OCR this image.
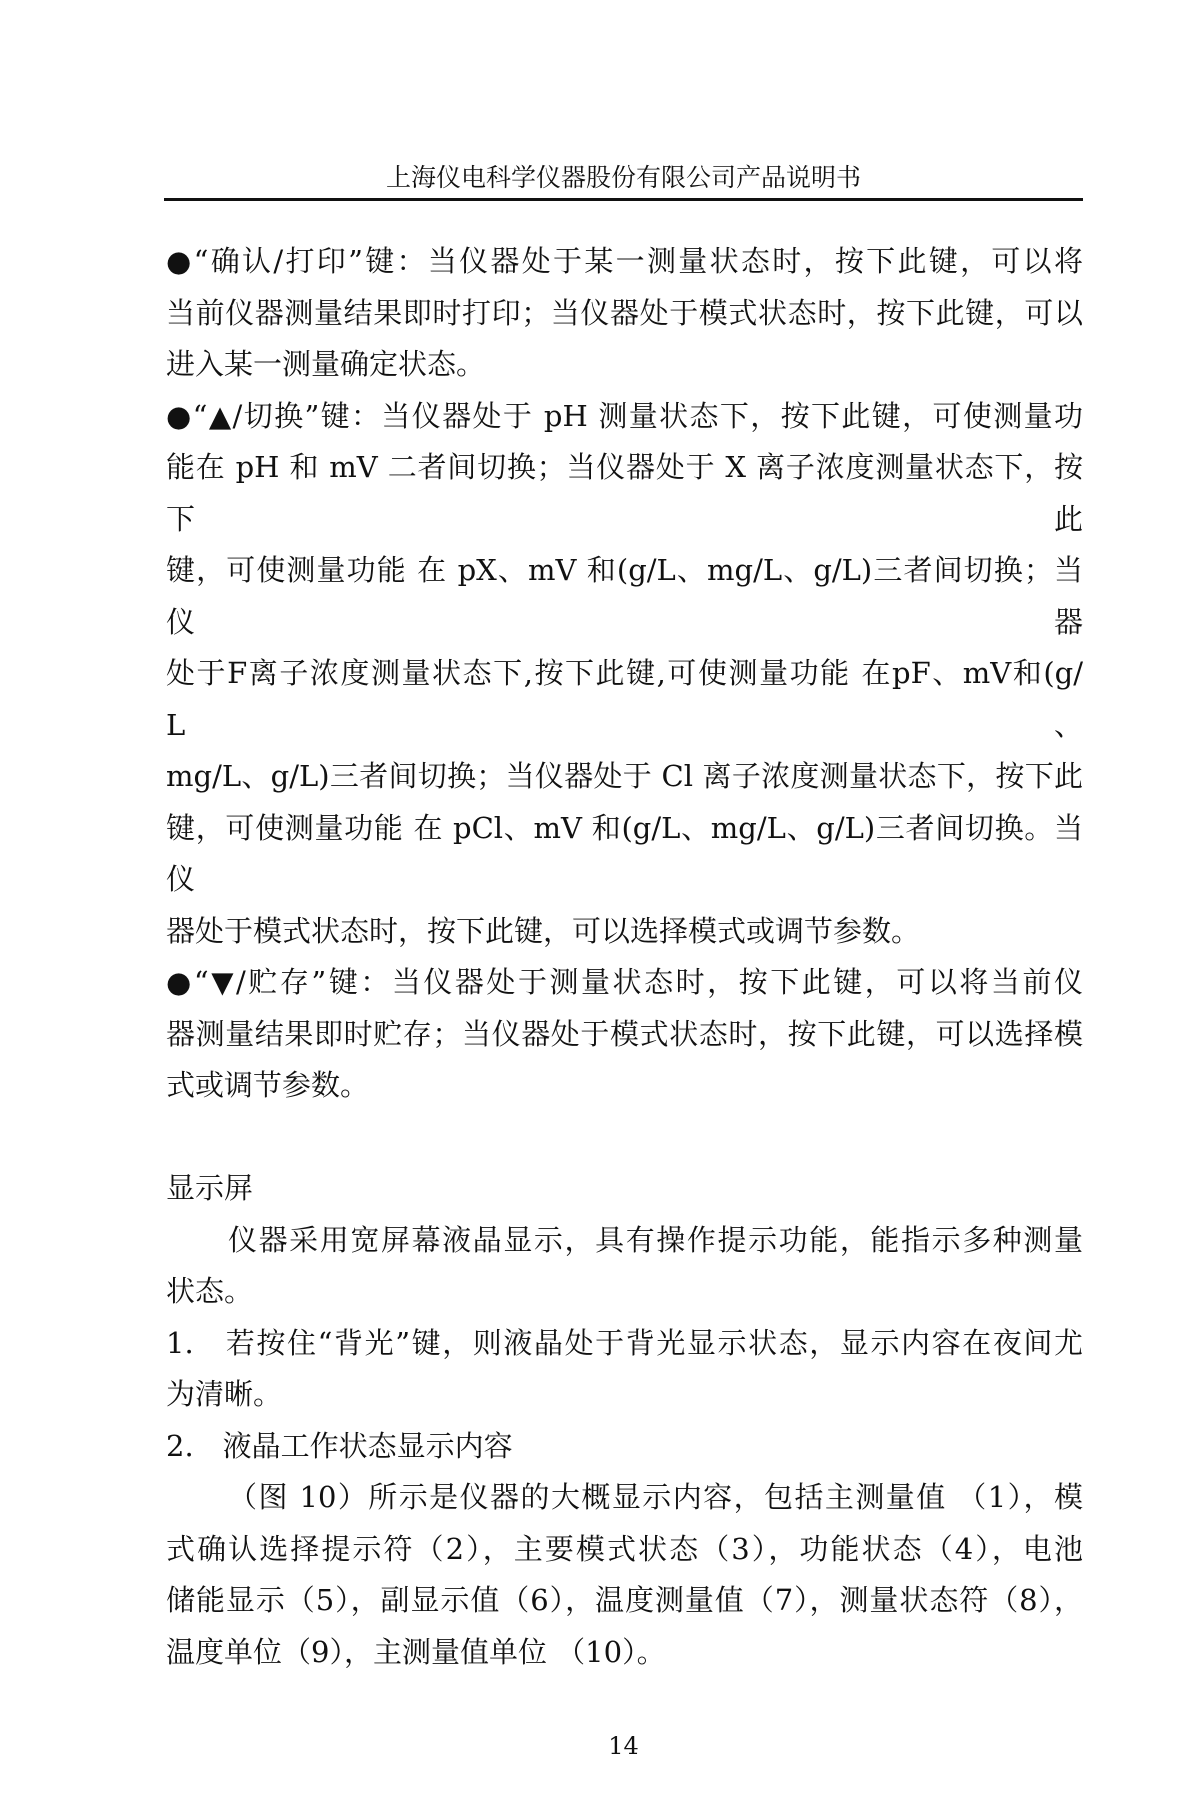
上海仪电科学仪器股份有限公司产品说明书
●“确认/打印”键：当仪器处于某一测量状态时，按下此键，可以将
当前仪器测量结果即时打印；当仪器处于模式状态时，按下此键，可以
进入某一测量确定状态。
●“▲/切换”键：当仪器处于 pH 测量状态下，按下此键，可使测量功
能在 pH 和 mV 二者间切换；当仪器处于 X 离子浓度测量状态下，按下此
键，可使测量功能 在 pX、mV 和(g/L、mg/L、g/L)三者间切换；当仪器
处于F离子浓度测量状态下,按下此键,可使测量功能 在pF、mV和(g/L、
mg/L、g/L)三者间切换；当仪器处于 Cl 离子浓度测量状态下，按下此
键，可使测量功能 在 pCl、mV 和(g/L、mg/L、g/L)三者间切换。当仪
器处于模式状态时，按下此键，可以选择模式或调节参数。
●“▼/贮存”键：当仪器处于测量状态时，按下此键，可以将当前仪
器测量结果即时贮存；当仪器处于模式状态时，按下此键，可以选择模
式或调节参数。
显示屏
仪器采用宽屏幕液晶显示，具有操作提示功能，能指示多种测量
状态。
1.　若按住“背光”键，则液晶处于背光显示状态，显示内容在夜间尤
为清晰。
2.　液晶工作状态显示内容
（图 10）所示是仪器的大概显示内容，包括主测量值 （1），模
式确认选择提示符（2），主要模式状态（3），功能状态（4），电池
储能显示（5），副显示值（6），温度测量值（7），测量状态符（8），
温度单位（9），主测量值单位 （10）。
14
